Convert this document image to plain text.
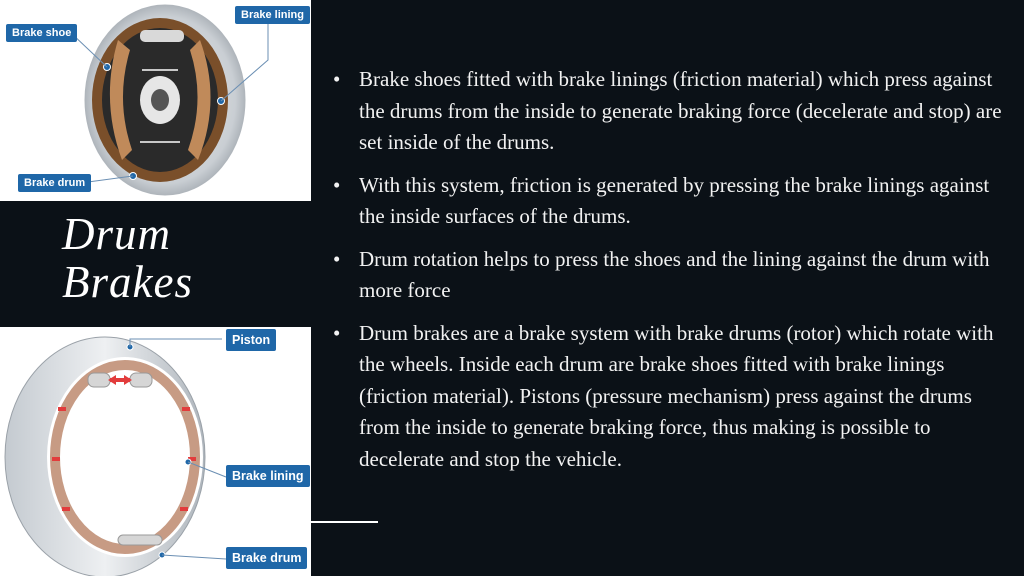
Brake shoe
Brake lining
Brake drum
Drum
Brakes
Piston
Brake lining
Brake drum
• Brake shoes fitted with brake linings (friction material) which press against the drums from the inside to generate braking force (decelerate and stop) are set inside of the drums.
• With this system, friction is generated by pressing the brake linings against the inside surfaces of the drums.
• Drum rotation helps to press the shoes and the lining against the drum with more force
• Drum brakes are a brake system with brake drums (rotor) which rotate with the wheels. Inside each drum are brake shoes fitted with brake linings (friction material). Pistons (pressure mechanism) press against the drums from the inside to generate braking force, thus making is possible to decelerate and stop the vehicle.
Milind
